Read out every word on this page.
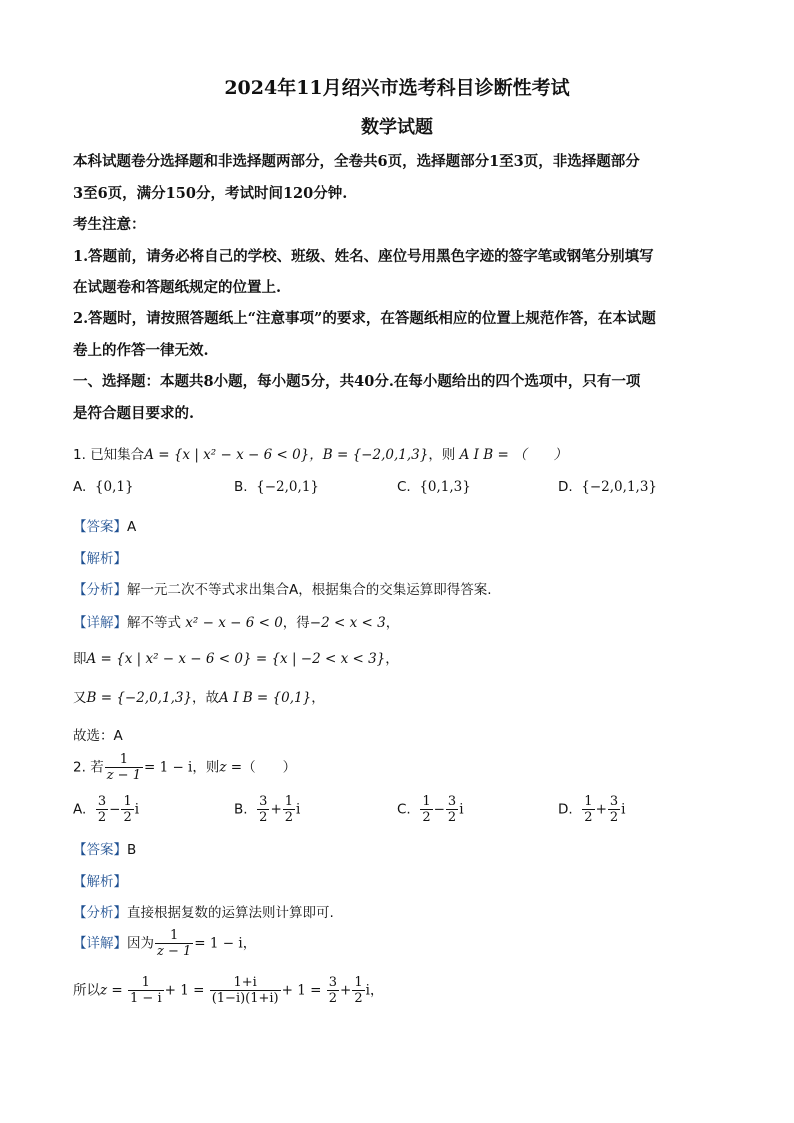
2024年11月绍兴市选考科目诊断性考试
数学试题
本科试题卷分选择题和非选择题两部分，全卷共6页，选择题部分1至3页，非选择题部分
3至6页，满分150分，考试时间120分钟.
考生注意：
1.答题前，请务必将自己的学校、班级、姓名、座位号用黑色字迹的签字笔或钢笔分别填写
在试题卷和答题纸规定的位置上.
2.答题时，请按照答题纸上“注意事项”的要求，在答题纸相应的位置上规范作答，在本试题
卷上的作答一律无效.
一、选择题：本题共8小题，每小题5分，共40分.在每小题给出的四个选项中，只有一项
是符合题目要求的.
1. 已知集合A = {x | x² − x − 6 < 0}，B = {−2,0,1,3}，则 A I B = （　　）
A. {0,1}	B. {−2,0,1}	C. {0,1,3}	D. {−2,0,1,3}
【答案】A
【解析】
【分析】解一元二次不等式求出集合A，根据集合的交集运算即得答案.
【详解】解不等式 x² − x − 6 < 0，得−2 < x < 3，
即A = {x | x² − x − 6 < 0} = {x | −2 < x < 3}，
又B = {−2,0,1,3}，故A I B = {0,1}，
故选：A
2. 若 $\frac{1}{z - 1} = 1 - i$，则z =（　　）
A. $\frac{3}{2} - \frac{1}{2}$ i	B. $\frac{3}{2} + \frac{1}{2}$ i	C. $\frac{1}{2} - \frac{3}{2}$ i	D. $\frac{1}{2} + \frac{3}{2}$ i
【答案】B
【解析】
【分析】直接根据复数的运算法则计算即可.
【详解】因为 $\frac{1}{z - 1} = 1 - i$，
所以$z = \frac{1}{1 - i} + 1 = \frac{1+i}{(1-i)(1+i)} + 1 = \frac{3}{2} + \frac{1}{2}$ i，
